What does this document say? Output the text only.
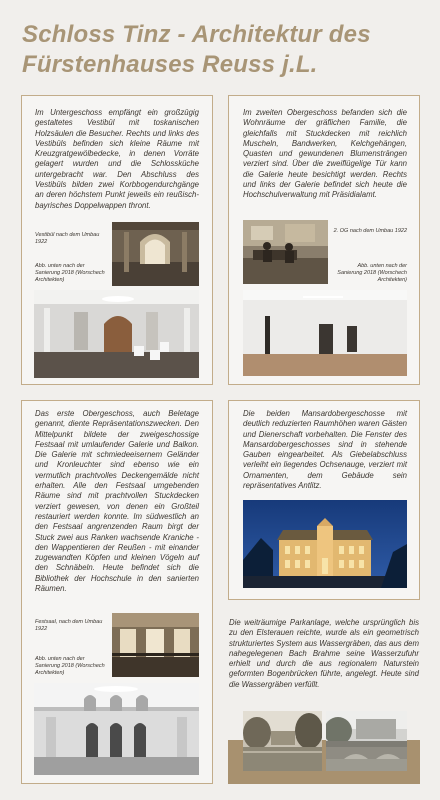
Schloss Tinz - Architektur des
Fürstenhauses Reuss j.L.
Im Untergeschoss empfängt ein großzügig gestaltetes Vestibül mit toskanischen Holzsäulen die Besucher. Rechts und links des Vestibüls befinden sich kleine Räume mit Kreuzgratgewölbedecke, in denen Vorräte gelagert wurden und die Schlossküche untergebracht war. Den Abschluss des Vestibüls bilden zwei Korbbogendurchgänge an deren höchstem Punkt jeweils ein reußisch-bayrisches Doppelwappen thront.
Vestibül nach dem Umbau 1922
Abb. unten nach der Sanierung 2018 (Worschech Architekten)
Im zweiten Obergeschoss befanden sich die Wohnräume der gräflichen Familie, die gleichfalls mit Stuckdecken mit reichlich Muscheln, Bandwerken, Kelchgehängen, Quasten und gewundenen Blumensträngen verziert sind. Über die zweiflügelige Tür kann die Galerie heute besichtigt werden. Rechts und links der Galerie befindet sich heute die Hochschulverwaltung mit Präsidialamt.
2. OG nach dem Umbau 1922
Abb. unten nach der Sanierung 2018 (Worschech Architekten)
Das erste Obergeschoss, auch Beletage genannt, diente Repräsentationszwecken. Den Mittelpunkt bildete der zweigeschossige Festsaal mit umlaufender Galerie und Balkon. Die Galerie mit schmiedeeisernem Geländer und Kronleuchter sind ebenso wie ein vermutlich prachtvolles Deckengemälde nicht erhalten. Alle den Festsaal umgebenden Räume sind mit prachtvollen Stuckdecken verziert gewesen, von denen ein Großteil restauriert werden konnte. Im südwestlich an den Festsaal angrenzenden Raum birgt der Stuck zwei aus Ranken wachsende Kraniche - den Wappentieren der Reußen - mit einander zugewandten Köpfen und kleinen Vögeln auf den Schnäbeln. Heute befindet sich die Bibliothek der Hochschule in den sanierten Räumen.
Festsaal, nach dem Umbau 1922
Abb. unten nach der Sanierung 2018 (Worschech Architekten)
Die beiden Mansardobergeschosse mit deutlich reduzierten Raumhöhen waren Gästen und Dienerschaft vorbehalten. Die Fenster des Mansardobergeschosses sind in stehende Gauben eingearbeitet. Als Giebelabschluss verleiht ein liegendes Ochsenauge, verziert mit Ornamenten, dem Gebäude sein repräsentatives Antlitz.
Die weiträumige Parkanlage, welche ursprünglich bis zu den Elsterauen reichte, wurde als ein geometrisch strukturiertes System aus Wassergräben, das aus dem nahegelegenen Bach Brahme seine Wasserzufuhr erhielt und durch die aus regionalem Naturstein geformten Bogenbrücken führte, angelegt. Heute sind die Wassergräben verfüllt.
